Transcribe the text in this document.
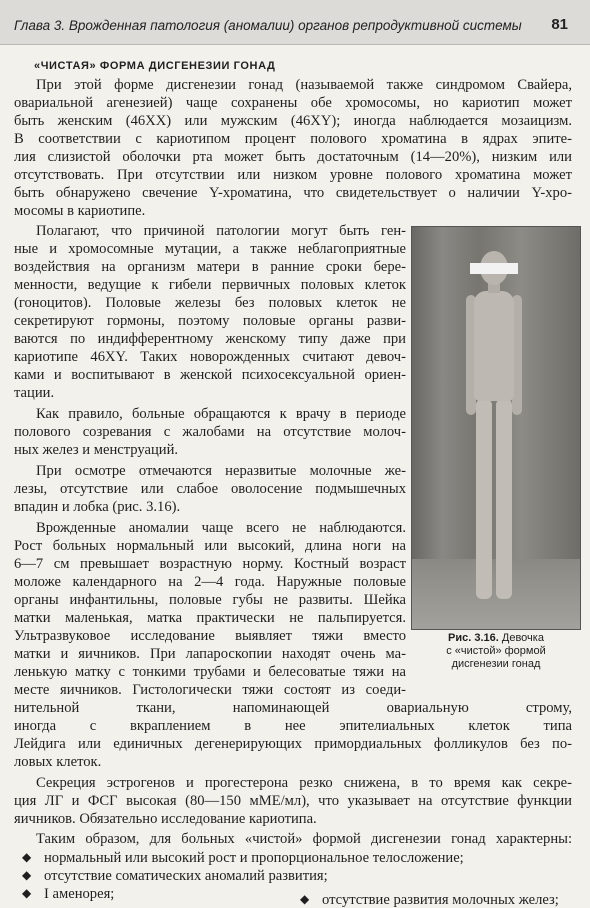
Глава 3. Врожденная патология (аномалии) органов репродуктивной системы 81
«ЧИСТАЯ» ФОРМА ДИСГЕНЕЗИИ ГОНАД
При этой форме дисгенезии гонад (называемой также синдромом Свайера,
овариальной агенезией) чаще сохранены обе хромосомы, но кариотип может
быть женским (46XX) или мужским (46XY); иногда наблюдается мозаицизм.
В соответствии с кариотипом процент полового хроматина в ядрах эпите-
лия слизистой оболочки рта может быть достаточным (14—20%), низким или
отсутствовать. При отсутствии или низком уровне полового хроматина может
быть обнаружено свечение Y-хроматина, что свидетельствует о наличии Y-хро-
мосомы в кариотипе.
Полагают, что причиной патологии могут быть ген-
ные и хромосомные мутации, а также неблагоприятные
воздействия на организм матери в ранние сроки бере-
менности, ведущие к гибели первичных половых клеток
(гоноцитов). Половые железы без половых клеток не
секретируют гормоны, поэтому половые органы разви-
ваются по индифферентному женскому типу даже при
кариотипе 46XY. Таких новорожденных считают девоч-
ками и воспитывают в женской психосексуальной ориен-
тации.
Как правило, больные обращаются к врачу в периоде
полового созревания с жалобами на отсутствие молоч-
ных желез и менструаций.
При осмотре отмечаются неразвитые молочные же-
лезы, отсутствие или слабое оволосение подмышечных
впадин и лобка (рис. 3.16).
Врожденные аномалии чаще всего не наблюдаются.
Рост больных нормальный или высокий, длина ноги на
6—7 см превышает возрастную норму. Костный возраст
моложе календарного на 2—4 года. Наружные половые
органы инфантильны, половые губы не развиты. Шейка
матки маленькая, матка практически не пальпируется.
Ультразвуковое исследование выявляет тяжи вместо
матки и яичников. При лапароскопии находят очень ма-
ленькую матку с тонкими трубами и белесоватые тяжи на
месте яичников. Гистологически тяжи состоят из соеди-
нительной ткани, напоминающей овариальную строму,
иногда с вкраплением в нее эпителиальных клеток типа
Лейдига или единичных дегенерирующих примордиальных фолликулов без по-
ловых клеток.
Секреция эстрогенов и прогестерона резко снижена, в то время как секре-
ция ЛГ и ФСГ высокая (80—150 мМЕ/мл), что указывает на отсутствие функции
яичников. Обязательно исследование кариотипа.
Таким образом, для больных «чистой» формой дисгенезии гонад характерны:
◆ нормальный или высокий рост и пропорциональное телосложение;
◆ отсутствие соматических аномалий развития;
◆ I аменорея;	◆ отсутствие развития молочных желез;
Рис. 3.16. Девочка
с «чистой» формой
дисгенезии гонад
